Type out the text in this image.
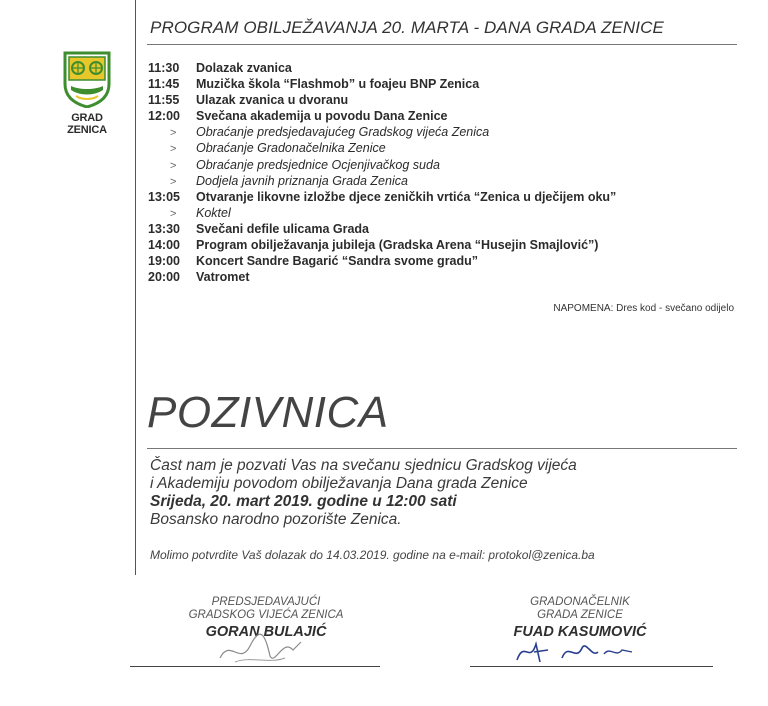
GRAD ZENICA
PROGRAM OBILJEŽAVANJA 20. MARTA - DANA GRADA ZENICE
11:30 Dolazak zvanica
11:45 Muzička škola “Flashmob” u foajeu BNP Zenica
11:55 Ulazak zvanica u dvoranu
12:00 Svečana akademija u povodu Dana Zenice
> Obraćanje predsjedavajućeg Gradskog vijeća Zenica
> Obraćanje Gradonačelnika Zenice
> Obraćanje predsjednice Ocjenjivačkog suda
> Dodjela javnih priznanja Grada Zenica
13:05 Otvaranje likovne izložbe djece zeničkih vrtića “Zenica u dječijem oku”
> Koktel
13:30 Svečani defile ulicama Grada
14:00 Program obilježavanja jubileja (Gradska Arena “Husejin Smajlović”)
19:00 Koncert Sandre Bagarić “Sandra svome gradu”
20:00 Vatromet
NAPOMENA: Dres kod - svečano odijelo
POZIVNICA
Čast nam je pozvati Vas na svečanu sjednicu Gradskog vijeća
i Akademiju povodom obilježavanja Dana grada Zenice
Srijeda, 20. mart 2019. godine u 12:00 sati
Bosansko narodno pozorište Zenica.
Molimo potvrdite Vaš dolazak do 14.03.2019. godine na e-mail: protokol@zenica.ba
PREDSJEDAVAJUĆI
GRADSKOG VIJEĆA ZENICA
GORAN BULAJIĆ
GRADONAČELNIK
GRADA ZENICE
FUAD KASUMOVIĆ
